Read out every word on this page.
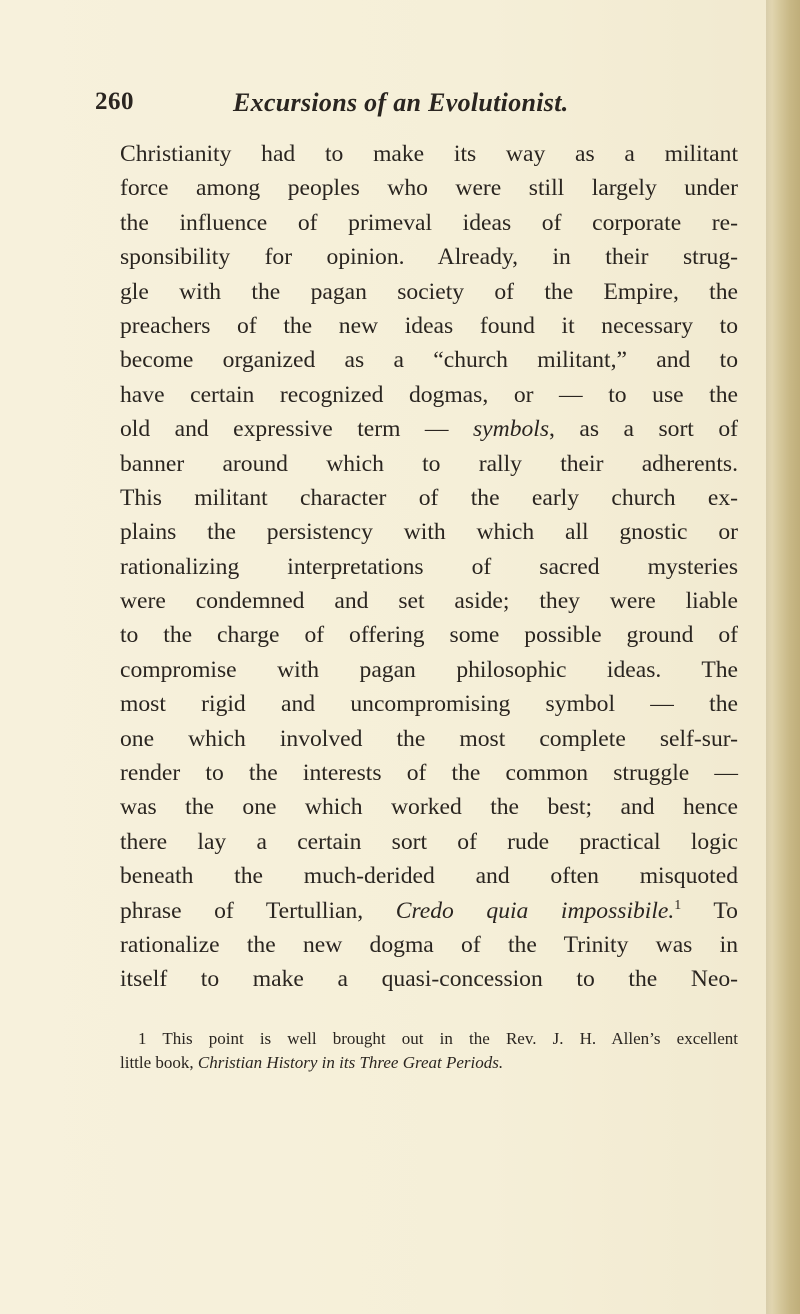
260	Excursions of an Evolutionist.
Christianity had to make its way as a militant
force among peoples who were still largely under
the influence of primeval ideas of corporate re-
sponsibility for opinion. Already, in their strug-
gle with the pagan society of the Empire, the
preachers of the new ideas found it necessary to
become organized as a “church militant,” and to
have certain recognized dogmas, or — to use the
old and expressive term — symbols, as a sort of
banner around which to rally their adherents.
This militant character of the early church ex-
plains the persistency with which all gnostic or
rationalizing interpretations of sacred mysteries
were condemned and set aside; they were liable
to the charge of offering some possible ground of
compromise with pagan philosophic ideas. The
most rigid and uncompromising symbol — the
one which involved the most complete self-sur-
render to the interests of the common struggle —
was the one which worked the best; and hence
there lay a certain sort of rude practical logic
beneath the much-derided and often misquoted
phrase of Tertullian, Credo quia impossibile.$^1$ To
rationalize the new dogma of the Trinity was in
itself to make a quasi-concession to the Neo-
1 This point is well brought out in the Rev. J. H. Allen’s excellent
little book, Christian History in its Three Great Periods.
